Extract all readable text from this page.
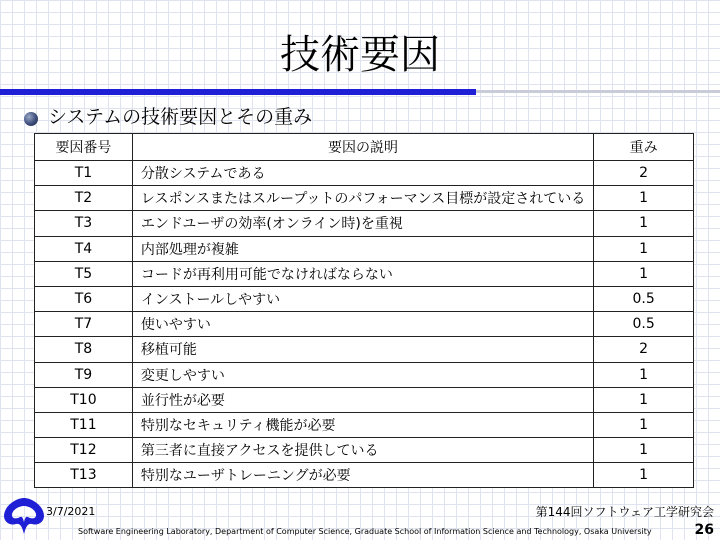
技術要因
システムの技術要因とその重み
要因番号	要因の説明	重み
T1	分散システムである	2
T2	レスポンスまたはスループットのパフォーマンス目標が設定されている	1
T3	エンドユーザの効率(オンライン時)を重視	1
T4	内部処理が複雑	1
T5	コードが再利用可能でなければならない	1
T6	インストールしやすい	0.5
T7	使いやすい	0.5
T8	移植可能	2
T9	変更しやすい	1
T10	並行性が必要	1
T11	特別なセキュリティ機能が必要	1
T12	第三者に直接アクセスを提供している	1
T13	特別なユーザトレーニングが必要	1
3/7/2021	第144回ソフトウェア工学研究会
Software Engineering Laboratory, Department of Computer Science, Graduate School of Information Science and Technology, Osaka University	26
